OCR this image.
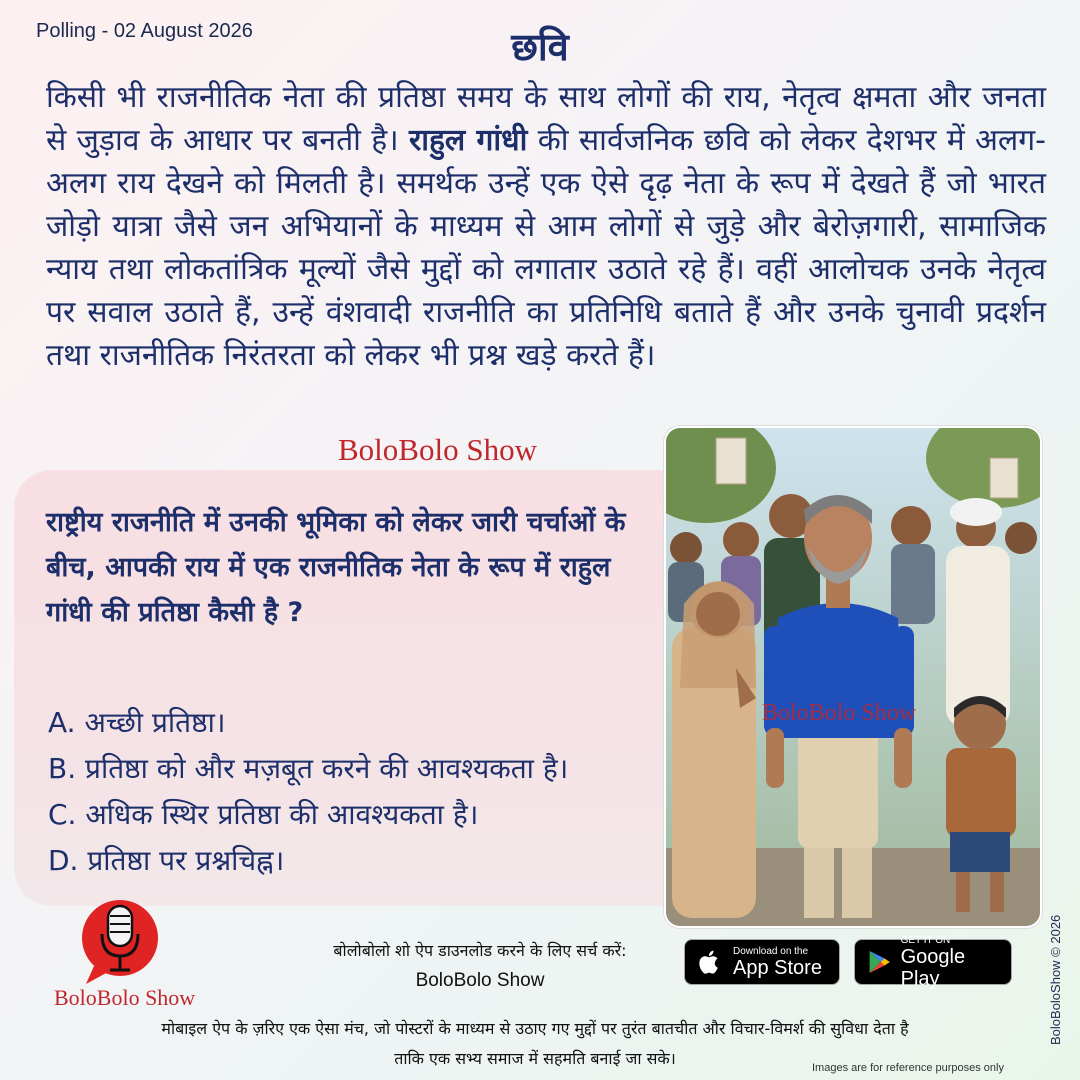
Polling - 02 August 2026	छवि
किसी भी राजनीतिक नेता की प्रतिष्ठा समय के साथ लोगों की राय, नेतृत्व क्षमता और जनता से जुड़ाव के आधार पर बनती है। राहुल गांधी की सार्वजनिक छवि को लेकर देशभर में अलग-अलग राय देखने को मिलती है। समर्थक उन्हें एक ऐसे दृढ़ नेता के रूप में देखते हैं जो भारत जोड़ो यात्रा जैसे जन अभियानों के माध्यम से आम लोगों से जुड़े और बेरोज़गारी, सामाजिक न्याय तथा लोकतांत्रिक मूल्यों जैसे मुद्दों को लगातार उठाते रहे हैं। वहीं आलोचक उनके नेतृत्व पर सवाल उठाते हैं, उन्हें वंशवादी राजनीति का प्रतिनिधि बताते हैं और उनके चुनावी प्रदर्शन तथा राजनीतिक निरंतरता को लेकर भी प्रश्न खड़े करते हैं।
BoloBolo Show
राष्ट्रीय राजनीति में उनकी भूमिका को लेकर जारी चर्चाओं के बीच, आपकी राय में एक राजनीतिक नेता के रूप में राहुल गांधी की प्रतिष्ठा कैसी है ?
A. अच्छी प्रतिष्ठा।
B. प्रतिष्ठा को और मज़बूत करने की आवश्यकता है।
C. अधिक स्थिर प्रतिष्ठा की आवश्यकता है।
D. प्रतिष्ठा पर प्रश्नचिह्न।
BoloBolo Show
BoloBolo Show
बोलोबोलो शो ऐप डाउनलोड करने के लिए सर्च करें:
BoloBolo Show
Download on the
App Store
GET IT ON
Google Play
मोबाइल ऐप के ज़रिए एक ऐसा मंच, जो पोस्टरों के माध्यम से उठाए गए मुद्दों पर तुरंत बातचीत और विचार-विमर्श की सुविधा देता है
ताकि एक सभ्य समाज में सहमति बनाई जा सके।	Images are for reference purposes only
BoloBoloShow © 2026
